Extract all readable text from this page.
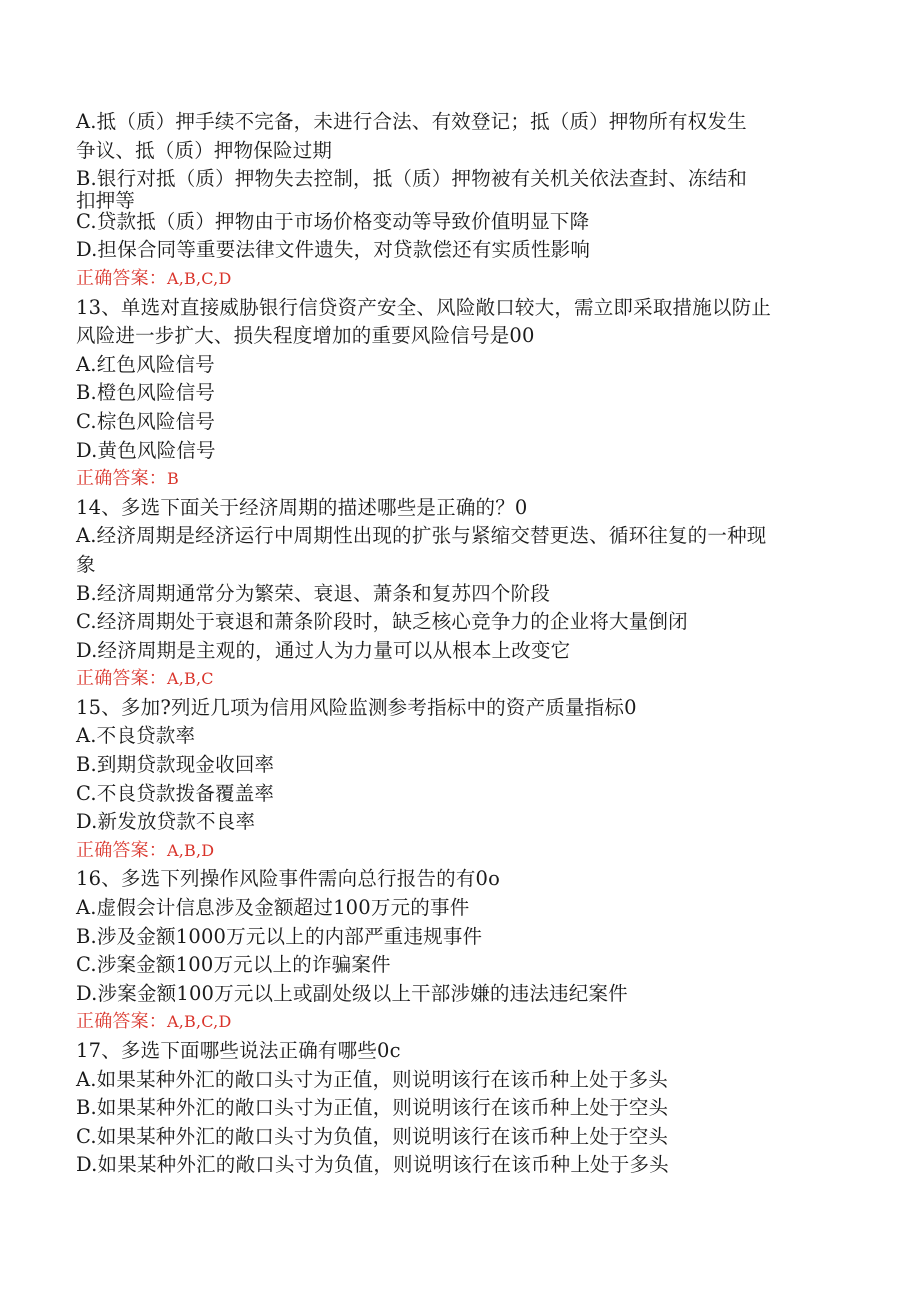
A.抵（质）押手续不完备，未进行合法、有效登记；抵（质）押物所有权发生
争议、抵（质）押物保险过期
B.银行对抵（质）押物失去控制，抵（质）押物被有关机关依法查封、冻结和
扣押等
C.贷款抵（质）押物由于市场价格变动等导致价值明显下降
D.担保合同等重要法律文件遗失，对贷款偿还有实质性影响
正确答案：A,B,C,D
13、单选对直接威胁银行信贷资产安全、风险敞口较大，需立即采取措施以防止
风险进一步扩大、损失程度增加的重要风险信号是00
A.红色风险信号
B.橙色风险信号
C.棕色风险信号
D.黄色风险信号
正确答案：B
14、多选下面关于经济周期的描述哪些是正确的？0
A.经济周期是经济运行中周期性出现的扩张与紧缩交替更迭、循环往复的一种现
象
B.经济周期通常分为繁荣、衰退、萧条和复苏四个阶段
C.经济周期处于衰退和萧条阶段时，缺乏核心竞争力的企业将大量倒闭
D.经济周期是主观的，通过人为力量可以从根本上改变它
正确答案：A,B,C
15、多加?列近几项为信用风险监测参考指标中的资产质量指标0
A.不良贷款率
B.到期贷款现金收回率
C.不良贷款拨备覆盖率
D.新发放贷款不良率
正确答案：A,B,D
16、多选下列操作风险事件需向总行报告的有0o
A.虚假会计信息涉及金额超过100万元的事件
B.涉及金额1000万元以上的内部严重违规事件
C.涉案金额100万元以上的诈骗案件
D.涉案金额100万元以上或副处级以上干部涉嫌的违法违纪案件
正确答案：A,B,C,D
17、多选下面哪些说法正确有哪些0c
A.如果某种外汇的敞口头寸为正值，则说明该行在该币种上处于多头
B.如果某种外汇的敞口头寸为正值，则说明该行在该币种上处于空头
C.如果某种外汇的敞口头寸为负值，则说明该行在该币种上处于空头
D.如果某种外汇的敞口头寸为负值，则说明该行在该币种上处于多头
